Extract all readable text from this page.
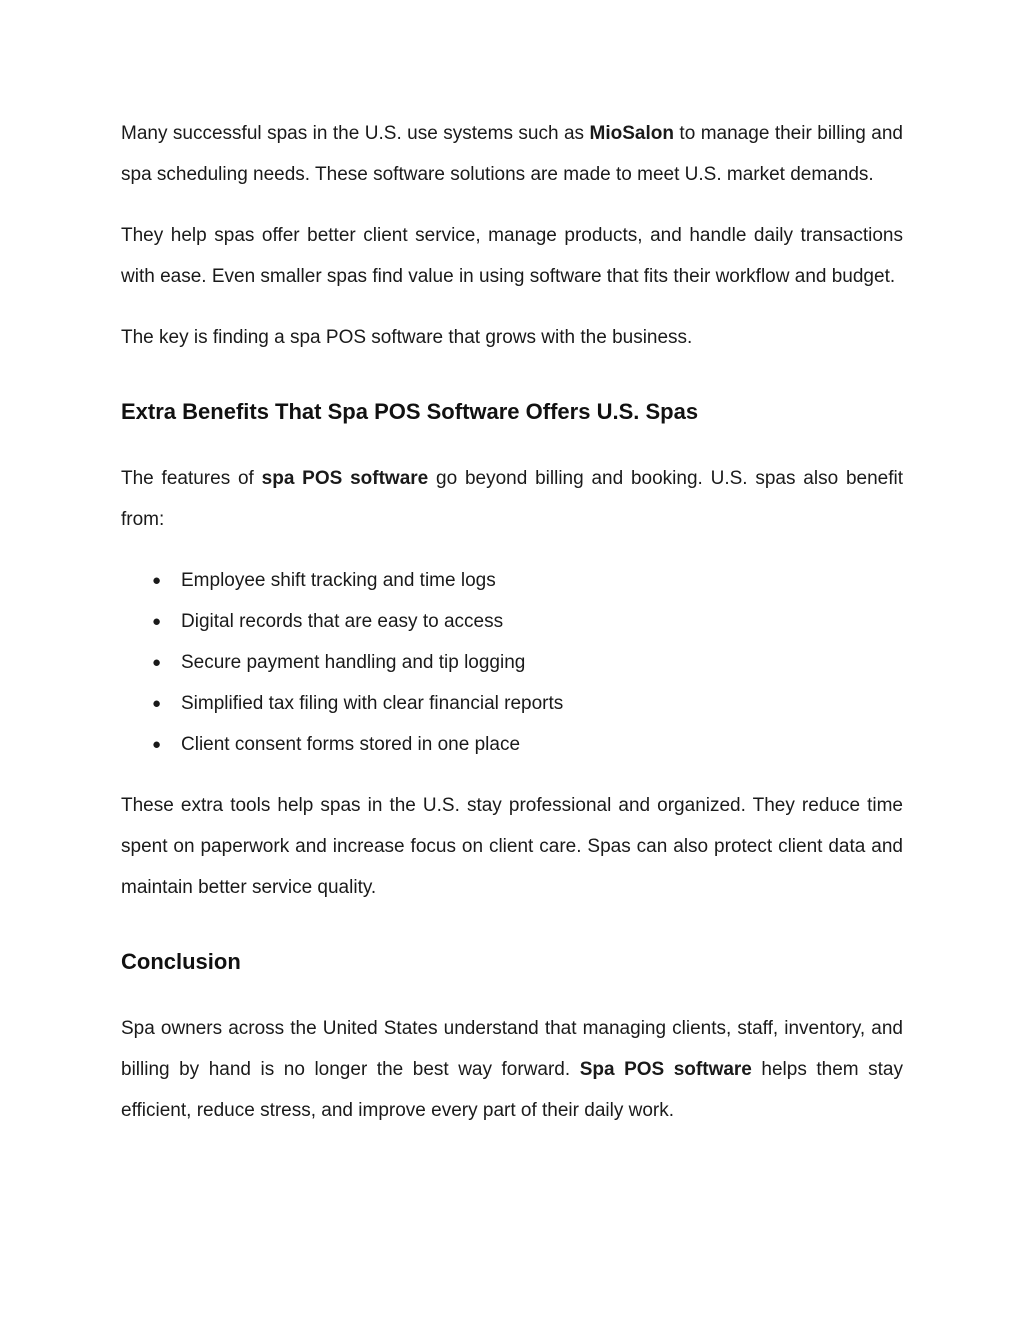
Many successful spas in the U.S. use systems such as MioSalon to manage their billing and spa scheduling needs. These software solutions are made to meet U.S. market demands.

They help spas offer better client service, manage products, and handle daily transactions with ease. Even smaller spas find value in using software that fits their workflow and budget.

The key is finding a spa POS software that grows with the business.

Extra Benefits That Spa POS Software Offers U.S. Spas

The features of spa POS software go beyond billing and booking. U.S. spas also benefit from:

● Employee shift tracking and time logs
● Digital records that are easy to access
● Secure payment handling and tip logging
● Simplified tax filing with clear financial reports
● Client consent forms stored in one place

These extra tools help spas in the U.S. stay professional and organized. They reduce time spent on paperwork and increase focus on client care. Spas can also protect client data and maintain better service quality.

Conclusion

Spa owners across the United States understand that managing clients, staff, inventory, and billing by hand is no longer the best way forward. Spa POS software helps them stay efficient, reduce stress, and improve every part of their daily work.
